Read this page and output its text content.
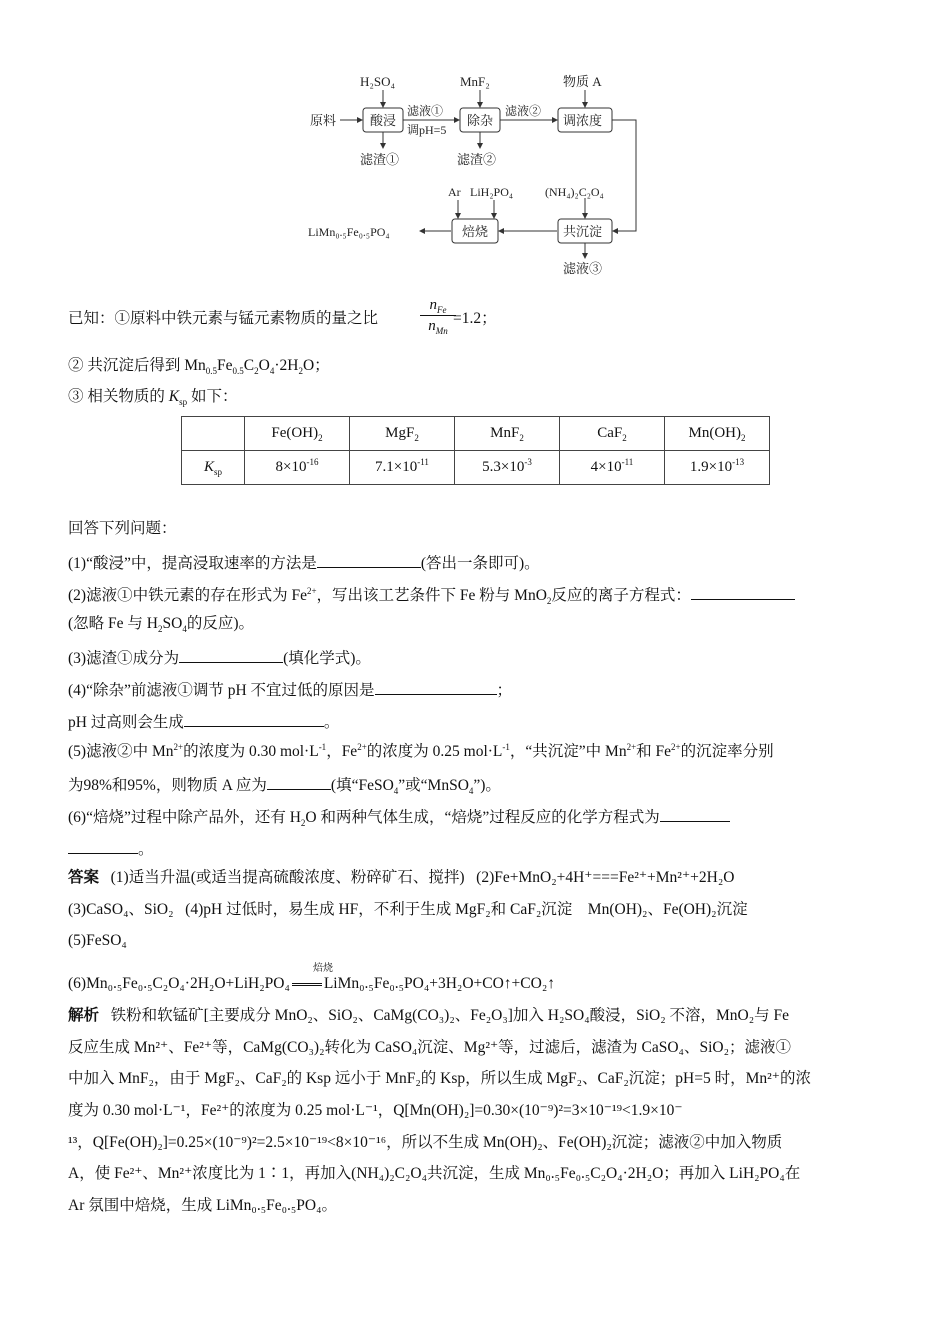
H₂SO₄	MnF₂	物质 A
原料	酸浸	除杂	调浓度
滤液①
调pH=5
滤液②
滤渣①	滤渣②
Ar LiH₂PO₄	(NH₄)₂C₂O₄
焙烧	共沉淀
LiMn₀.₅Fe₀.₅PO₄
滤液③
已知：①原料中铁元素与锰元素物质的量之比
$n_{Fe}$
$n_{Mn}$
=1.2；
② 共沉淀后得到 $Mn_{0.5}Fe_{0.5}C_2O_4\cdot 2H_2O$；
③ 相关物质的 $K_{sp}$ 如下：
	$Fe(OH)_2$	MgF$_2$	MnF$_2$	CaF$_2$	$Mn(OH)_2$
$K_{sp}$	$8\times 10^{-16}$	$7.1\times 10^{-11}$	$5.3\times 10^{-3}$	$4\times 10^{-11}$	$1.9\times 10^{-13}$
回答下列问题：
(1)“酸浸”中，提高浸取速率的方法是	(答出一条即可)。
(2)滤液①中铁元素的存在形式为 $Fe^{2+}$，写出该工艺条件下 Fe 粉与 MnO$_2$反应的离子方程式：
(忽略 Fe 与 $H_2SO_4$的反应)。
(3)滤渣①成分为	(填化学式)。
(4)“除杂”前滤液①调节 pH 不宜过低的原因是	；
pH 过高则会生成	。
(5)滤液②中 $Mn^{2+}$的浓度为 0.30 $mol\cdot L^{-1}$，$Fe^{2+}$的浓度为 0.25 $mol\cdot L^{-1}$，“共沉淀”中 $Mn^{2+}$和 $Fe^{2+}$的沉淀率分别
为98%和95%，则物质 A 应为	(填“FeSO$_4$”或“MnSO$_4$”)。
(6)“焙烧”过程中除产品外，还有 $H_2O$ 和两种气体生成，“焙烧”过程反应的化学方程式为
。
答案 (1)适当升温(或适当提高硫酸浓度、粉碎矿石、搅拌) (2)Fe+MnO₂+4H⁺===Fe²⁺+Mn²⁺+2H₂O
(3)CaSO₄、SiO₂ (4)pH 过低时，易生成 HF，不利于生成 MgF₂和 CaF₂沉淀　Mn(OH)₂、Fe(OH)₂沉淀
(5)FeSO₄
焙烧
(6)Mn₀.₅Fe₀.₅C₂O₄·2H₂O+LiH₂PO₄ LiMn₀.₅Fe₀.₅PO₄+3H₂O+CO↑+CO₂↑
解析 铁粉和软锰矿[主要成分 MnO₂、SiO₂、CaMg(CO₃)₂、Fe₂O₃]加入 H₂SO₄酸浸，SiO₂ 不溶，MnO₂与 Fe
反应生成 Mn²⁺、Fe²⁺等，CaMg(CO₃)₂转化为 CaSO₄沉淀、Mg²⁺等，过滤后，滤渣为 CaSO₄、SiO₂；滤液①
中加入 MnF₂，由于 MgF₂、CaF₂的 Ksp 远小于 MnF₂的 Ksp，所以生成 MgF₂、CaF₂沉淀；pH=5 时，Mn²⁺的浓
度为 0.30 mol·L⁻¹，Fe²⁺的浓度为 0.25 mol·L⁻¹，Q[Mn(OH)₂]=0.30×(10⁻⁹)²=3×10⁻¹⁹<1.9×10⁻
¹³，Q[Fe(OH)₂]=0.25×(10⁻⁹)²=2.5×10⁻¹⁹<8×10⁻¹⁶，所以不生成 Mn(OH)₂、Fe(OH)₂沉淀；滤液②中加入物质
A，使 Fe²⁺、Mn²⁺浓度比为 1∶1，再加入(NH₄)₂C₂O₄共沉淀，生成 Mn₀.₅Fe₀.₅C₂O₄·2H₂O；再加入 LiH₂PO₄在
Ar 氛围中焙烧，生成 LiMn₀.₅Fe₀.₅PO₄。
